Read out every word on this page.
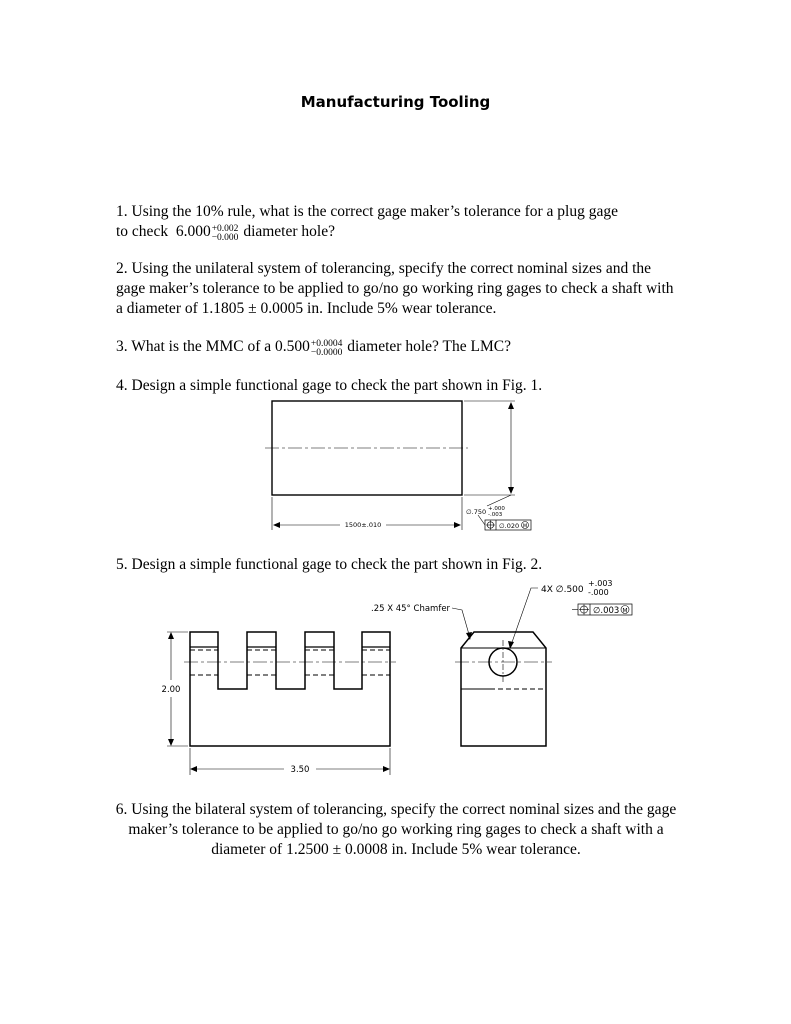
Manufacturing Tooling
1. Using the 10% rule, what is the correct gage maker’s tolerance for a plug gage
to check 6.000 +0.002
−0.000 diameter hole?
2. Using the unilateral system of tolerancing, specify the correct nominal sizes and the gage maker’s tolerance to be applied to go/no go working ring gages to check a shaft with a diameter of 1.1805 ± 0.0005 in. Include 5% wear tolerance.
3. What is the MMC of a 0.500 +0.0004
−0.0000 diameter hole? The LMC?
4. Design a simple functional gage to check the part shown in Fig. 1.
5. Design a simple functional gage to check the part shown in Fig. 2.
6. Using the bilateral system of tolerancing, specify the correct nominal sizes and the gage maker’s tolerance to be applied to go/no go working ring gages to check a shaft with a diameter of 1.2500 ± 0.0008 in. Include 5% wear tolerance.
1500±.010
∅.750 +.000
-.003
∅.020 M
4X ∅.500
+.003
-.000
∅.003 M
.25 X 45° Chamfer
2.00
3.50
